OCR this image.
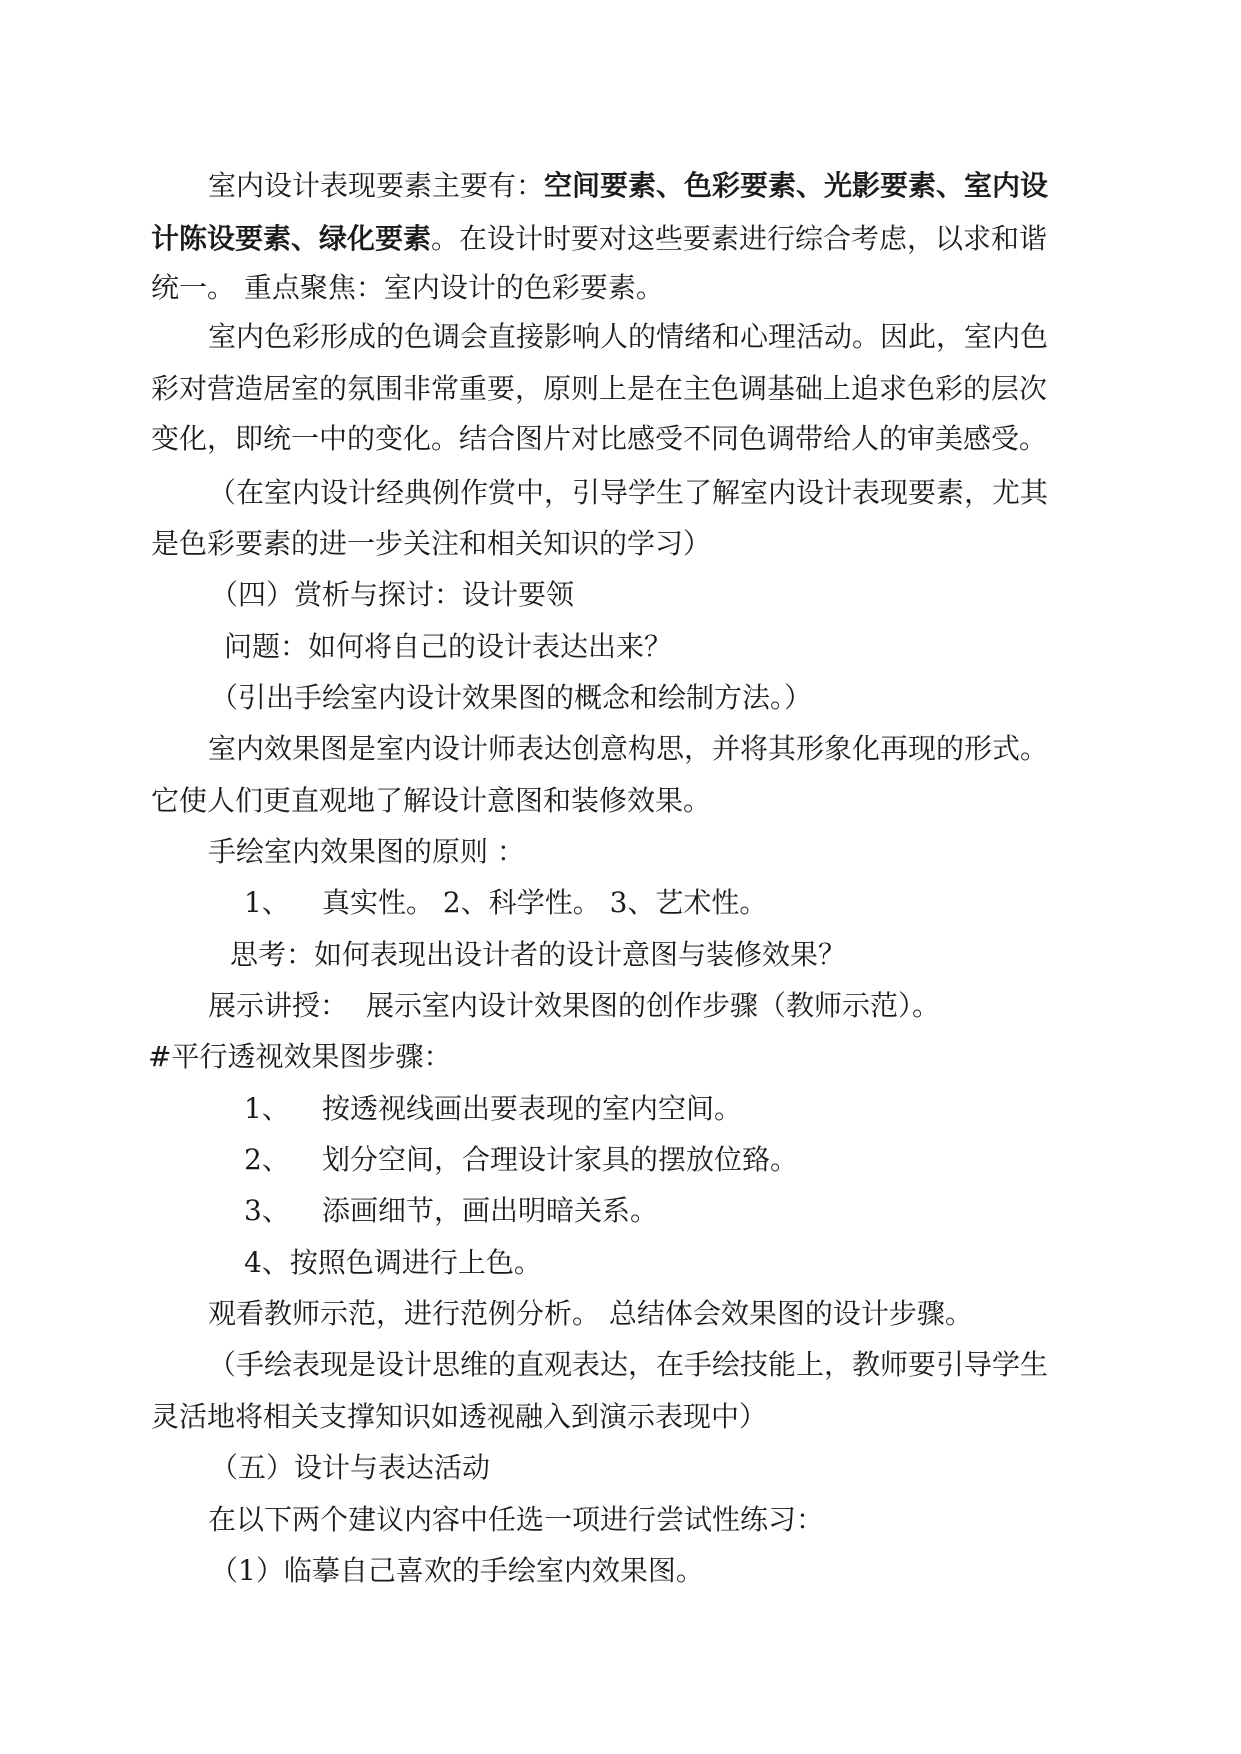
室内设计表现要素主要有：空间要素、色彩要素、光影要素、室内设
计陈设要素、绿化要素。在设计时要对这些要素进行综合考虑，以求和谐
统一。 重点聚焦：室内设计的色彩要素。
室内色彩形成的色调会直接影响人的情绪和心理活动。因此，室内色
彩对营造居室的氛围非常重要，原则上是在主色调基础上追求色彩的层次
变化，即统一中的变化。结合图片对比感受不同色调带给人的审美感受。
（在室内设计经典例作赏中，引导学生了解室内设计表现要素，尤其
是色彩要素的进一步关注和相关知识的学习）
（四）赏析与探讨：设计要领
问题：如何将自己的设计表达出来？
（引出手绘室内设计效果图的概念和绘制方法。）
室内效果图是室内设计师表达创意构思，并将其形象化再现的形式。
它使人们更直观地了解设计意图和装修效果。
手绘室内效果图的原则 ：
1、 真实性。 2、科学性。 3、艺术性。
思考：如何表现出设计者的设计意图与装修效果？
展示讲授： 展示室内设计效果图的创作步骤（教师示范）。
#平行透视效果图步骤：
1、 按透视线画出要表现的室内空间。
2、 划分空间，合理设计家具的摆放位臵。
3、 添画细节，画出明暗关系。
4、按照色调进行上色。
观看教师示范，进行范例分析。 总结体会效果图的设计步骤。
（手绘表现是设计思维的直观表达，在手绘技能上，教师要引导学生
灵活地将相关支撑知识如透视融入到演示表现中）
（五）设计与表达活动
在以下两个建议内容中任选一项进行尝试性练习：
（1）临摹自己喜欢的手绘室内效果图。
